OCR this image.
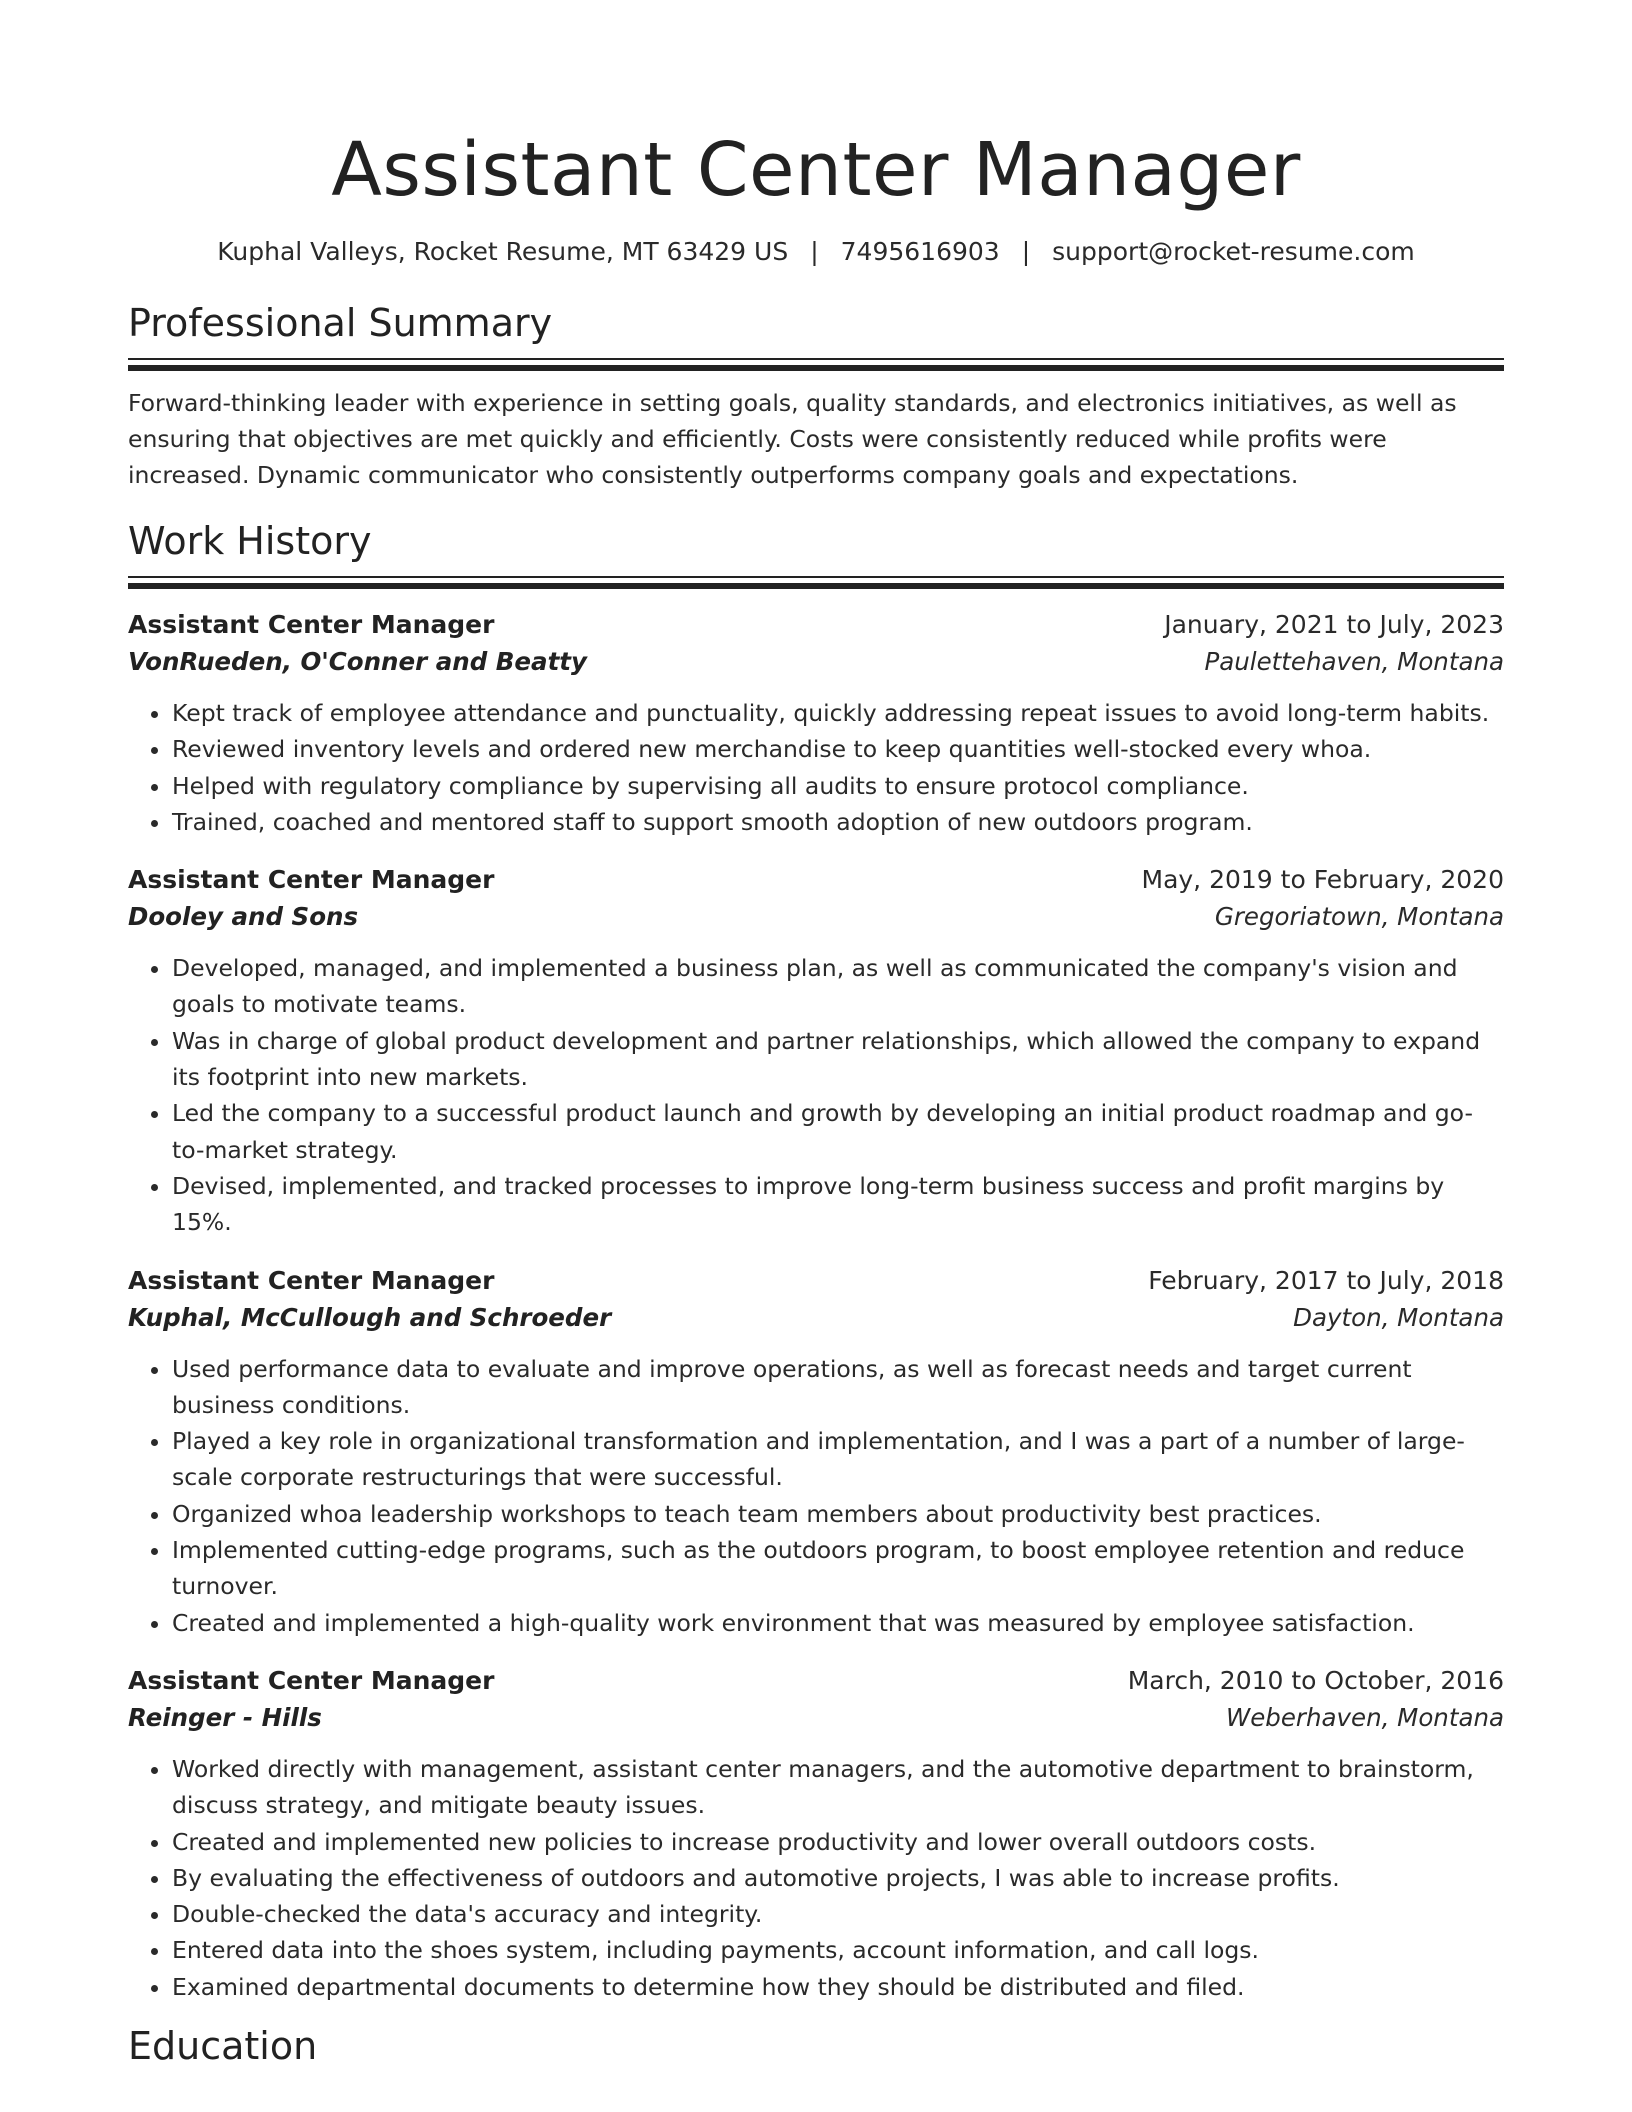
Assistant Center Manager
Kuphal Valleys, Rocket Resume, MT 63429 US | 7495616903 | support@rocket-resume.com
Professional Summary
Forward-thinking leader with experience in setting goals, quality standards, and electronics initiatives, as well as ensuring that objectives are met quickly and efficiently. Costs were consistently reduced while profits were increased. Dynamic communicator who consistently outperforms company goals and expectations.
Work History
Assistant Center Manager	January, 2021 to July, 2023
VonRueden, O'Conner and Beatty	Paulettehaven, Montana
• Kept track of employee attendance and punctuality, quickly addressing repeat issues to avoid long-term habits.
• Reviewed inventory levels and ordered new merchandise to keep quantities well-stocked every whoa.
• Helped with regulatory compliance by supervising all audits to ensure protocol compliance.
• Trained, coached and mentored staff to support smooth adoption of new outdoors program.
Assistant Center Manager	May, 2019 to February, 2020
Dooley and Sons	Gregoriatown, Montana
• Developed, managed, and implemented a business plan, as well as communicated the company's vision and goals to motivate teams.
• Was in charge of global product development and partner relationships, which allowed the company to expand its footprint into new markets.
• Led the company to a successful product launch and growth by developing an initial product roadmap and go-to-market strategy.
• Devised, implemented, and tracked processes to improve long-term business success and profit margins by 15%.
Assistant Center Manager	February, 2017 to July, 2018
Kuphal, McCullough and Schroeder	Dayton, Montana
• Used performance data to evaluate and improve operations, as well as forecast needs and target current business conditions.
• Played a key role in organizational transformation and implementation, and I was a part of a number of large-scale corporate restructurings that were successful.
• Organized whoa leadership workshops to teach team members about productivity best practices.
• Implemented cutting-edge programs, such as the outdoors program, to boost employee retention and reduce turnover.
• Created and implemented a high-quality work environment that was measured by employee satisfaction.
Assistant Center Manager	March, 2010 to October, 2016
Reinger - Hills	Weberhaven, Montana
• Worked directly with management, assistant center managers, and the automotive department to brainstorm, discuss strategy, and mitigate beauty issues.
• Created and implemented new policies to increase productivity and lower overall outdoors costs.
• By evaluating the effectiveness of outdoors and automotive projects, I was able to increase profits.
• Double-checked the data's accuracy and integrity.
• Entered data into the shoes system, including payments, account information, and call logs.
• Examined departmental documents to determine how they should be distributed and filed.
Education
